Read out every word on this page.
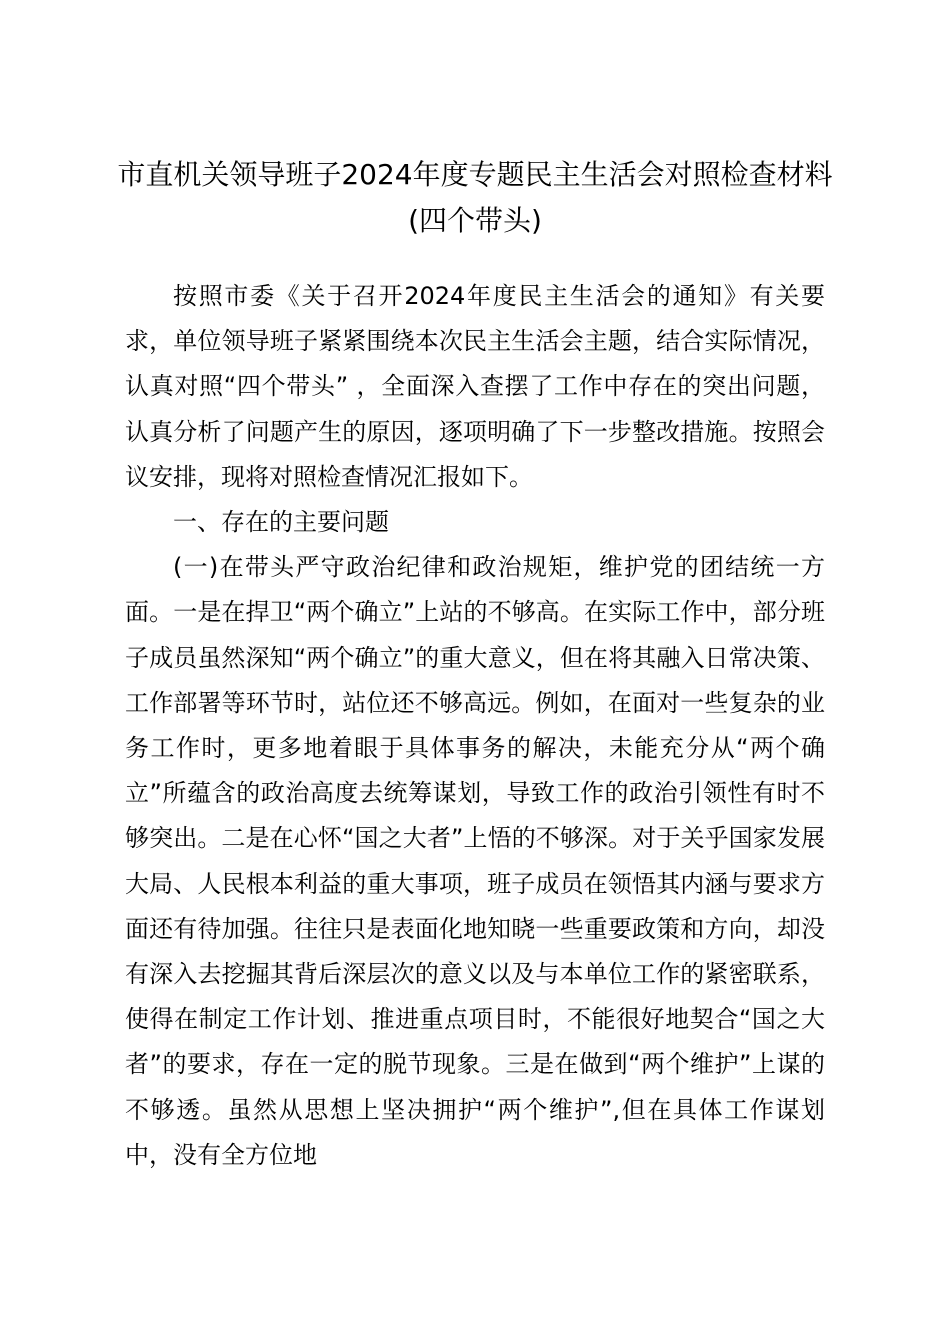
市直机关领导班子2024年度专题民主生活会对照检查材料(四个带头)

按照市委《关于召开2024年度民主生活会的通知》有关要求，单位领导班子紧紧围绕本次民主生活会主题，结合实际情况，认真对照“四个带头” ，全面深入查摆了工作中存在的突出问题，认真分析了问题产生的原因，逐项明确了下一步整改措施。按照会议安排，现将对照检查情况汇报如下。

一、存在的主要问题

(一)在带头严守政治纪律和政治规矩，维护党的团结统一方面。一是在捍卫“两个确立”上站的不够高。在实际工作中，部分班子成员虽然深知“两个确立”的重大意义，但在将其融入日常决策、工作部署等环节时，站位还不够高远。例如，在面对一些复杂的业务工作时，更多地着眼于具体事务的解决，未能充分从“两个确立”所蕴含的政治高度去统筹谋划，导致工作的政治引领性有时不够突出。二是在心怀“国之大者”上悟的不够深。对于关乎国家发展大局、人民根本利益的重大事项，班子成员在领悟其内涵与要求方面还有待加强。往往只是表面化地知晓一些重要政策和方向，却没有深入去挖掘其背后深层次的意义以及与本单位工作的紧密联系，使得在制定工作计划、推进重点项目时，不能很好地契合“国之大者”的要求，存在一定的脱节现象。三是在做到“两个维护”上谋的不够透。虽然从思想上坚决拥护“两个维护”,但在具体工作谋划中，没有全方位地
